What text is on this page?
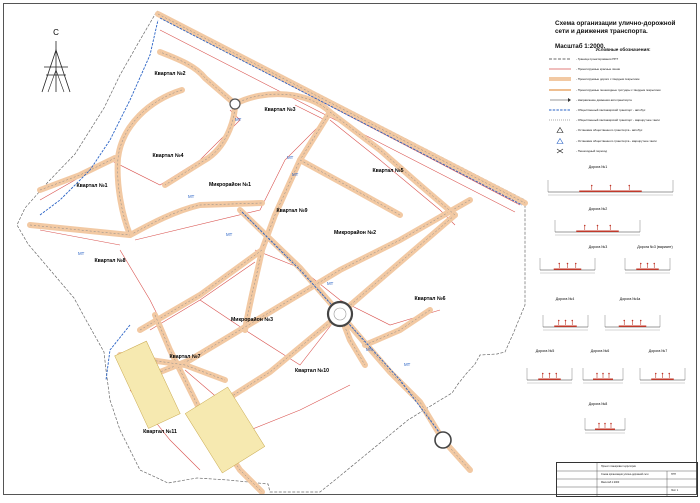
Квартал №2
Квартал №3
Квартал №4
Квартал №1	Микрорайон №1
Квартал №5
Квартал №9
Микрорайон №2
Квартал №8
Квартал №6
Микрорайон №3
Квартал №7
Квартал №10
Квартал №11
МТ
МТ
МТ
МТ
МТ
МТ
МТ
МТ
МТ
С
Дорога №1
Дорога №2
Дорога №3	Дорога №3 (вариант)
Дорога №4	Дорога №4а
Дорога №5	Дорога №6	Дорога №7
Дорога №8
Схема организации улично-дорожной
сети и движения транспорта.
Масштаб 1:2000.
Условные обозначения:
- Граница проектирования ППТ
- Проектируемые красные линии
- Проектируемые дороги с твердым покрытием
- Проектируемые пешеходные тротуары с твердым покрытием
- Направление движения автотранспорта
- Общественный пассажирский транспорт - автобус
- Общественный пассажирский транспорт - маршрутное такси
- Остановка общественного транспорта - автобус
- Остановка общественного транспорта - маршрутное такси
- Пешеходный переход
Проект планировки территории
Схема организации улично-дорожной сети
Масштаб 1:2000
ППТ
Лист 1
